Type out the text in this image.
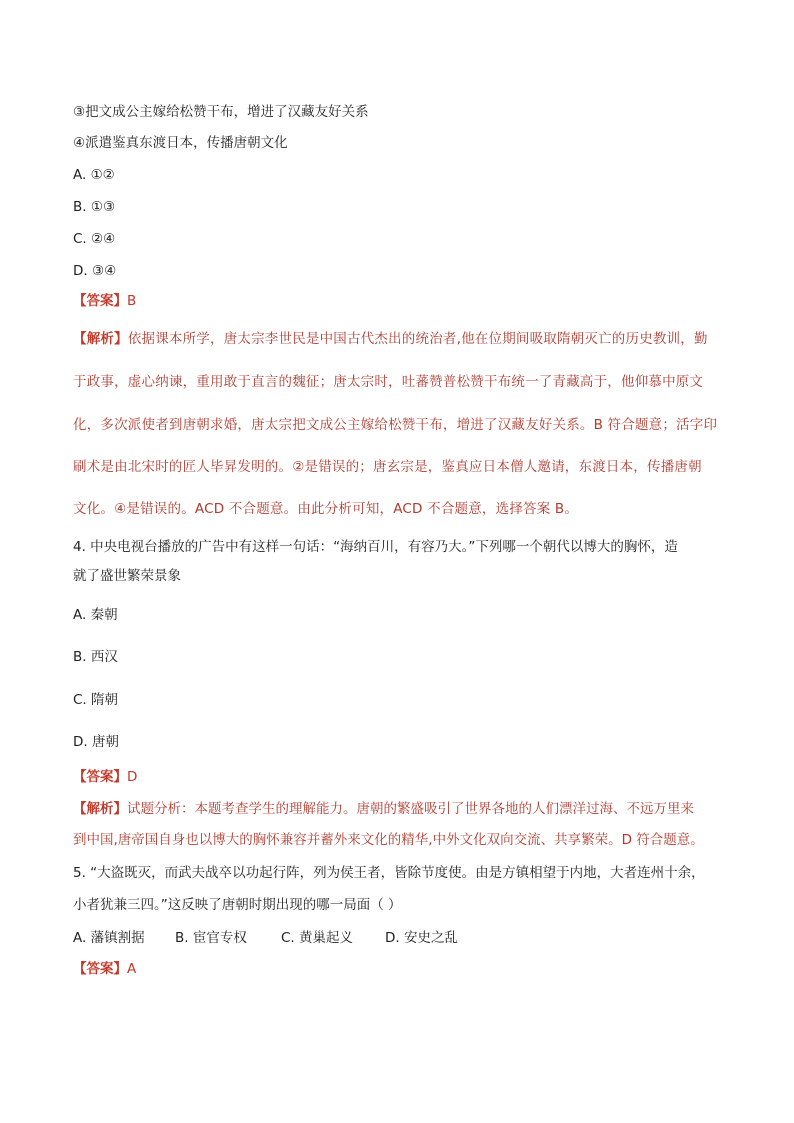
③把文成公主嫁给松赞干布，增进了汉藏友好关系
④派遣鉴真东渡日本，传播唐朝文化
A. ①②
B. ①③
C. ②④
D. ③④
【答案】B
【解析】依据课本所学，唐太宗李世民是中国古代杰出的统治者,他在位期间吸取隋朝灭亡的历史教训，勤
于政事，虚心纳谏，重用敢于直言的魏征；唐太宗时，吐蕃赞普松赞干布统一了青藏高于，他仰慕中原文
化，多次派使者到唐朝求婚，唐太宗把文成公主嫁给松赞干布，增进了汉藏友好关系。B 符合题意；活字印
刷术是由北宋时的匠人毕昇发明的。②是错误的；唐玄宗是，鉴真应日本僧人邀请，东渡日本，传播唐朝
文化。④是错误的。ACD 不合题意。由此分析可知，ACD 不合题意，选择答案 B。
4. 中央电视台播放的广告中有这样一句话：“海纳百川，有容乃大。”下列哪一个朝代以博大的胸怀，造
就了盛世繁荣景象
A. 秦朝
B. 西汉
C. 隋朝
D. 唐朝
【答案】D
【解析】试题分析：本题考查学生的理解能力。唐朝的繁盛吸引了世界各地的人们漂洋过海、不远万里来
到中国,唐帝国自身也以博大的胸怀兼容并蓄外来文化的精华,中外文化双向交流、共享繁荣。D 符合题意。
5. “大盗既灭，而武夫战卒以功起行阵，列为侯王者，皆除节度使。由是方镇相望于内地，大者连州十余，
小者犹兼三四。”这反映了唐朝时期出现的哪一局面（ ）
A. 藩镇割据 B. 宦官专权	C. 黄巢起义 D. 安史之乱
【答案】A
